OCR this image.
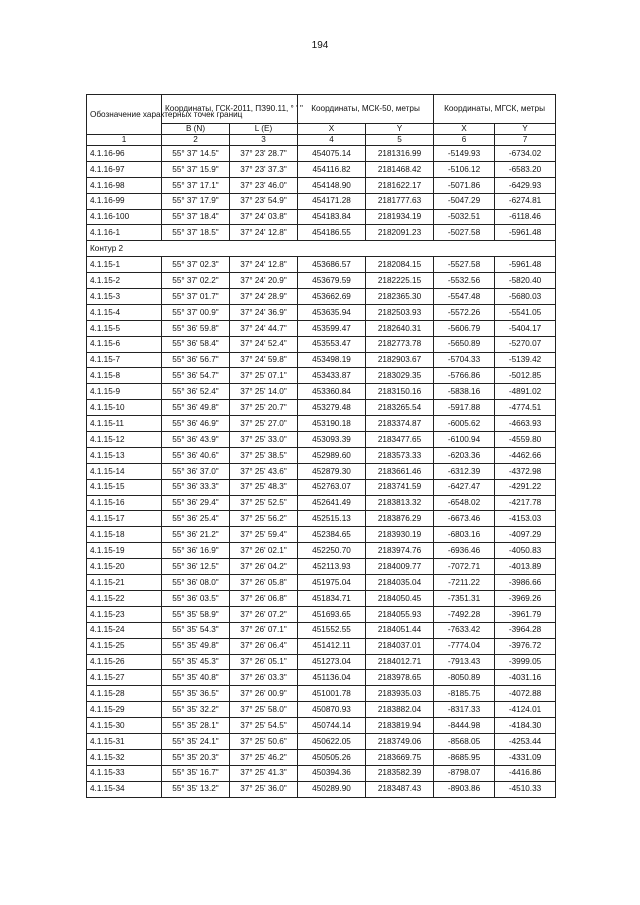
194
Обозначение характерных точек границ	Координаты, ГСК-2011, ПЗ90.11, ° ' "		Координаты, МСК-50, метры		Координаты, МГСК, метры	
	B (N)	L (E)	X	Y	X	Y
1	2	3	4	5	6	7
4.1.16-96	55° 37' 14.5"	37° 23' 28.7"	454075.14	2181316.99	-5149.93	-6734.02
4.1.16-97	55° 37' 15.9"	37° 23' 37.3"	454116.82	2181468.42	-5106.12	-6583.20
4.1.16-98	55° 37' 17.1"	37° 23' 46.0"	454148.90	2181622.17	-5071.86	-6429.93
4.1.16-99	55° 37' 17.9"	37° 23' 54.9"	454171.28	2181777.63	-5047.29	-6274.81
4.1.16-100	55° 37' 18.4"	37° 24' 03.8"	454183.84	2181934.19	-5032.51	-6118.46
4.1.16-1	55° 37' 18.5"	37° 24' 12.8"	454186.55	2182091.23	-5027.58	-5961.48
Контур 2						
4.1.15-1	55° 37' 02.3"	37° 24' 12.8"	453686.57	2182084.15	-5527.58	-5961.48
4.1.15-2	55° 37' 02.2"	37° 24' 20.9"	453679.59	2182225.15	-5532.56	-5820.40
4.1.15-3	55° 37' 01.7"	37° 24' 28.9"	453662.69	2182365.30	-5547.48	-5680.03
4.1.15-4	55° 37' 00.9"	37° 24' 36.9"	453635.94	2182503.93	-5572.26	-5541.05
4.1.15-5	55° 36' 59.8"	37° 24' 44.7"	453599.47	2182640.31	-5606.79	-5404.17
4.1.15-6	55° 36' 58.4"	37° 24' 52.4"	453553.47	2182773.78	-5650.89	-5270.07
4.1.15-7	55° 36' 56.7"	37° 24' 59.8"	453498.19	2182903.67	-5704.33	-5139.42
4.1.15-8	55° 36' 54.7"	37° 25' 07.1"	453433.87	2183029.35	-5766.86	-5012.85
4.1.15-9	55° 36' 52.4"	37° 25' 14.0"	453360.84	2183150.16	-5838.16	-4891.02
4.1.15-10	55° 36' 49.8"	37° 25' 20.7"	453279.48	2183265.54	-5917.88	-4774.51
4.1.15-11	55° 36' 46.9"	37° 25' 27.0"	453190.18	2183374.87	-6005.62	-4663.93
4.1.15-12	55° 36' 43.9"	37° 25' 33.0"	453093.39	2183477.65	-6100.94	-4559.80
4.1.15-13	55° 36' 40.6"	37° 25' 38.5"	452989.60	2183573.33	-6203.36	-4462.66
4.1.15-14	55° 36' 37.0"	37° 25' 43.6"	452879.30	2183661.46	-6312.39	-4372.98
4.1.15-15	55° 36' 33.3"	37° 25' 48.3"	452763.07	2183741.59	-6427.47	-4291.22
4.1.15-16	55° 36' 29.4"	37° 25' 52.5"	452641.49	2183813.32	-6548.02	-4217.78
4.1.15-17	55° 36' 25.4"	37° 25' 56.2"	452515.13	2183876.29	-6673.46	-4153.03
4.1.15-18	55° 36' 21.2"	37° 25' 59.4"	452384.65	2183930.19	-6803.16	-4097.29
4.1.15-19	55° 36' 16.9"	37° 26' 02.1"	452250.70	2183974.76	-6936.46	-4050.83
4.1.15-20	55° 36' 12.5"	37° 26' 04.2"	452113.93	2184009.77	-7072.71	-4013.89
4.1.15-21	55° 36' 08.0"	37° 26' 05.8"	451975.04	2184035.04	-7211.22	-3986.66
4.1.15-22	55° 36' 03.5"	37° 26' 06.8"	451834.71	2184050.45	-7351.31	-3969.26
4.1.15-23	55° 35' 58.9"	37° 26' 07.2"	451693.65	2184055.93	-7492.28	-3961.79
4.1.15-24	55° 35' 54.3"	37° 26' 07.1"	451552.55	2184051.44	-7633.42	-3964.28
4.1.15-25	55° 35' 49.8"	37° 26' 06.4"	451412.11	2184037.01	-7774.04	-3976.72
4.1.15-26	55° 35' 45.3"	37° 26' 05.1"	451273.04	2184012.71	-7913.43	-3999.05
4.1.15-27	55° 35' 40.8"	37° 26' 03.3"	451136.04	2183978.65	-8050.89	-4031.16
4.1.15-28	55° 35' 36.5"	37° 26' 00.9"	451001.78	2183935.03	-8185.75	-4072.88
4.1.15-29	55° 35' 32.2"	37° 25' 58.0"	450870.93	2183882.04	-8317.33	-4124.01
4.1.15-30	55° 35' 28.1"	37° 25' 54.5"	450744.14	2183819.94	-8444.98	-4184.30
4.1.15-31	55° 35' 24.1"	37° 25' 50.6"	450622.05	2183749.06	-8568.05	-4253.44
4.1.15-32	55° 35' 20.3"	37° 25' 46.2"	450505.26	2183669.75	-8685.95	-4331.09
4.1.15-33	55° 35' 16.7"	37° 25' 41.3"	450394.36	2183582.39	-8798.07	-4416.86
4.1.15-34	55° 35' 13.2"	37° 25' 36.0"	450289.90	2183487.43	-8903.86	-4510.33
